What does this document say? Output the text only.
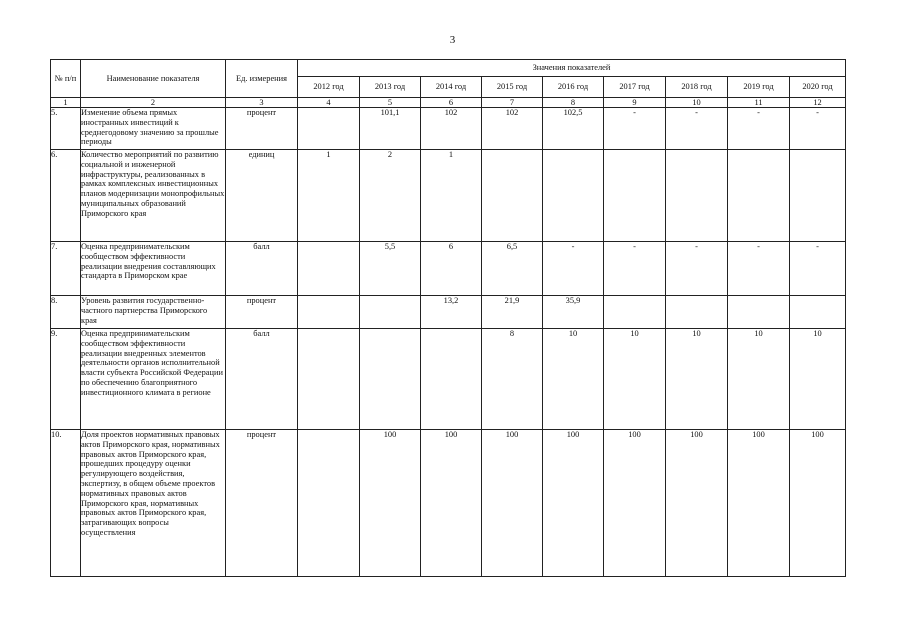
3
№ п/п	Наименование показателя	Ед. измерения	Значения показателей								
			2012 год	2013 год	2014 год	2015 год	2016 год	2017 год	2018 год	2019 год	2020 год
1	2	3	4	5	6	7	8	9	10	11	12
5.	Изменение объема прямых иностранных инвестиций к среднегодовому значению за прошлые периоды	процент		101,1	102	102	102,5	-	-	-	-
6.	Количество мероприятий по развитию социальной и инженерной инфраструктуры, реализованных в рамках комплексных инвестиционных планов модернизации монопрофильных муниципальных образований Приморского края	единиц	1	2	1						
7.	Оценка предпринимательским сообществом эффективности реализации внедрения составляющих стандарта в Приморском крае	балл		5,5	6	6,5	-	-	-	-	-
8.	Уровень развития государственно-частного партнерства Приморского края	процент			13,2	21,9	35,9				
9.	Оценка предпринимательским сообществом эффективности реализации внедренных элементов деятельности органов исполнительной власти субъекта Российской Федерации по обеспечению благоприятного инвестиционного климата в регионе	балл				8	10	10	10	10	10
10.	Доля проектов нормативных правовых актов Приморского края, нормативных правовых актов Приморского края, прошедших процедуру оценки регулирующего воздействия, экспертизу, в общем объеме проектов нормативных правовых актов Приморского края, нормативных правовых актов Приморского края, затрагивающих вопросы осуществления	процент		100	100	100	100	100	100	100	100
